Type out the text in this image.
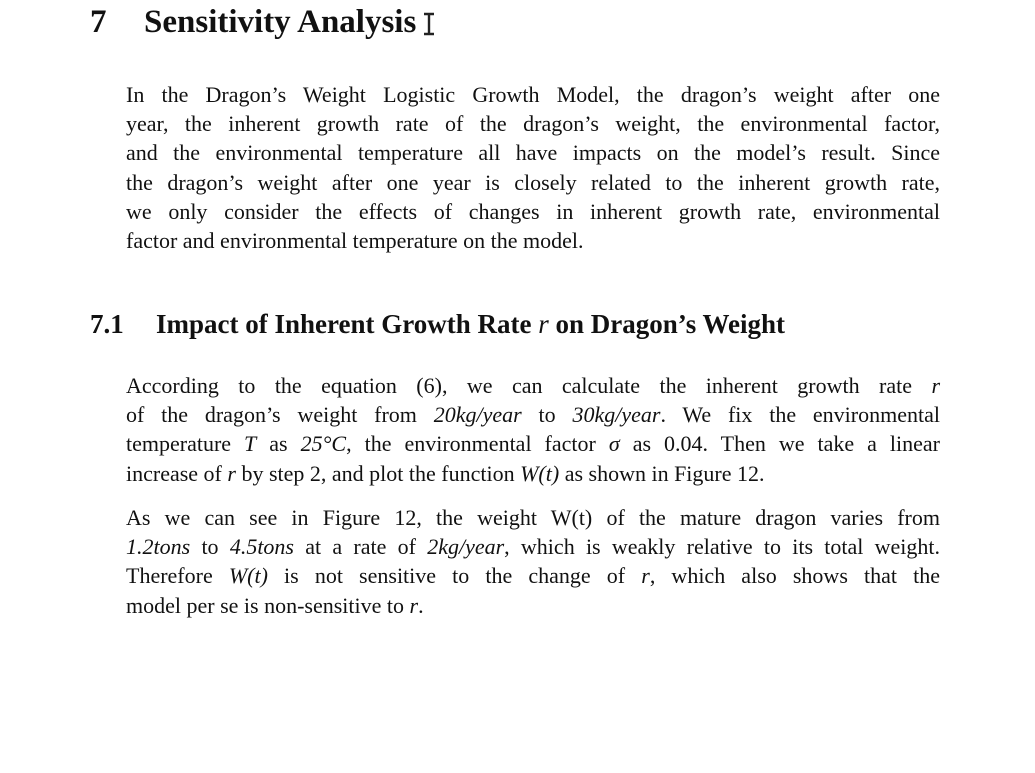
7 Sensitivity Analysis

In the Dragon’s Weight Logistic Growth Model, the dragon’s weight after one
year, the inherent growth rate of the dragon’s weight, the environmental factor,
and the environmental temperature all have impacts on the model’s result. Since
the dragon’s weight after one year is closely related to the inherent growth rate,
we only consider the effects of changes in inherent growth rate, environmental
factor and environmental temperature on the model.

7.1 Impact of Inherent Growth Rate r on Dragon’s Weight

According to the equation (6), we can calculate the inherent growth rate r
of the dragon’s weight from 20kg/year to 30kg/year. We fix the environmental
temperature T as 25°C, the environmental factor σ as 0.04. Then we take a linear
increase of r by step 2, and plot the function W(t) as shown in Figure 12.

As we can see in Figure 12, the weight W(t) of the mature dragon varies from
1.2tons to 4.5tons at a rate of 2kg/year, which is weakly relative to its total weight.
Therefore W(t) is not sensitive to the change of r, which also shows that the
model per se is non-sensitive to r.
